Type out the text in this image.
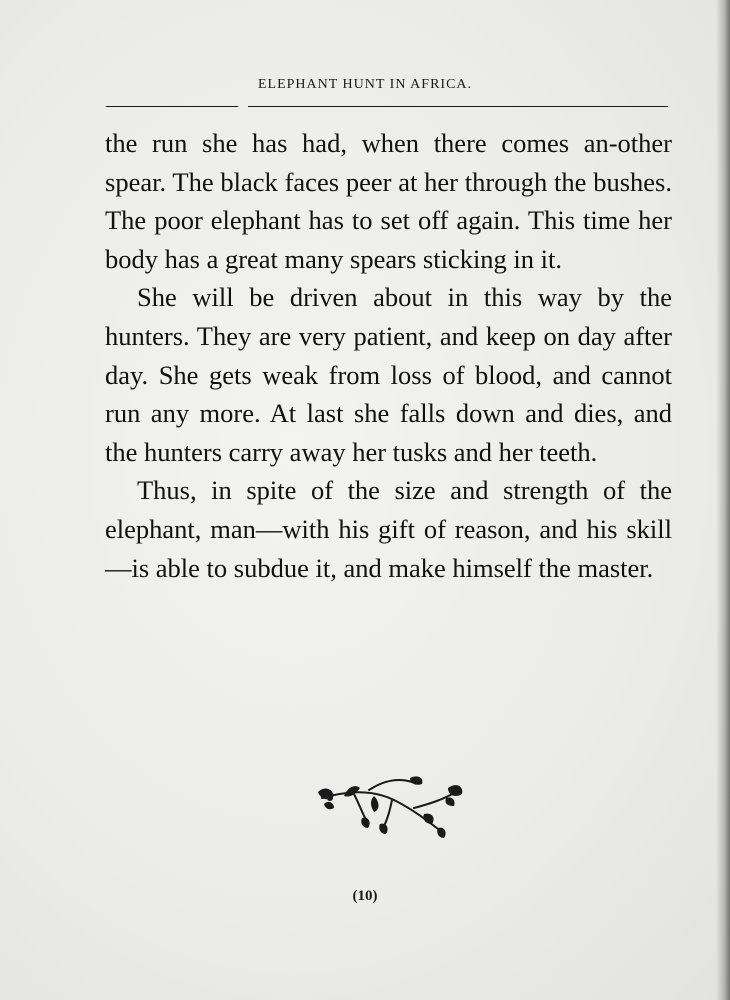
ELEPHANT HUNT IN AFRICA.

the run she has had, when there comes an-other spear. The black faces peer at her through the bushes. The poor elephant has to set off again. This time her body has a great many spears sticking in it.

She will be driven about in this way by the hunters. They are very patient, and keep on day after day. She gets weak from loss of blood, and cannot run any more. At last she falls down and dies, and the hunters carry away her tusks and her teeth.

Thus, in spite of the size and strength of the elephant, man—with his gift of reason, and his skill—is able to subdue it, and make himself the master.

(10)
